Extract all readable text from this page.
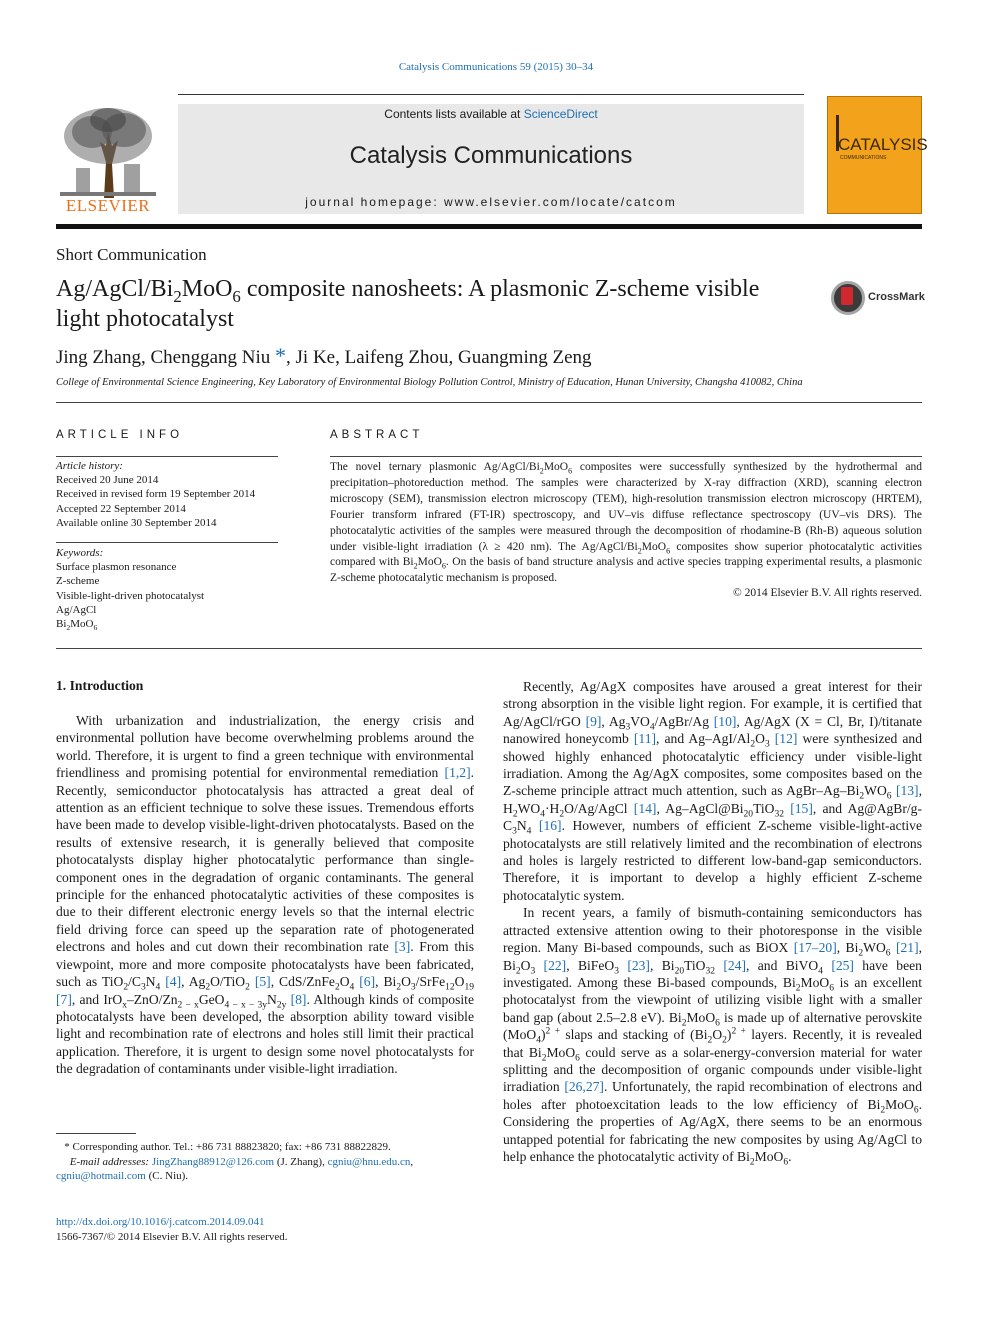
Catalysis Communications 59 (2015) 30–34
ELSEVIER
Contents lists available at ScienceDirect
Catalysis Communications
journal homepage: www.elsevier.com/locate/catcom
CATALYSIS
COMMUNICATIONS
Short Communication
$Ag/AgCl/Bi_2MoO_6$ composite nanosheets: A plasmonic Z-scheme visible light photocatalyst
CrossMark
Jing Zhang, Chenggang Niu *, Ji Ke, Laifeng Zhou, Guangming Zeng
College of Environmental Science Engineering, Key Laboratory of Environmental Biology Pollution Control, Ministry of Education, Hunan University, Changsha 410082, China
ARTICLE INFO
Article history:
Received 20 June 2014
Received in revised form 19 September 2014
Accepted 22 September 2014
Available online 30 September 2014
Keywords:
Surface plasmon resonance
Z-scheme
Visible-light-driven photocatalyst
Ag/AgCl
$Bi_2MoO_6$
ABSTRACT
The novel ternary plasmonic $Ag/AgCl/Bi_2MoO_6$ composites were successfully synthesized by the hydrothermal and precipitation–photoreduction method. The samples were characterized by X-ray diffraction (XRD), scanning electron microscopy (SEM), transmission electron microscopy (TEM), high-resolution transmission electron microscopy (HRTEM), Fourier transform infrared (FT-IR) spectroscopy, and UV–vis diffuse reflectance spectroscopy (UV–vis DRS). The photocatalytic activities of the samples were measured through the decomposition of rhodamine-B (Rh-B) aqueous solution under visible-light irradiation (λ ≥ 420 nm). The $Ag/AgCl/Bi_2MoO_6$ composites show superior photocatalytic activities compared with $Bi_2MoO_6$. On the basis of band structure analysis and active species trapping experimental results, a plasmonic Z-scheme photocatalytic mechanism is proposed.
© 2014 Elsevier B.V. All rights reserved.
1. Introduction

With urbanization and industrialization, the energy crisis and environmental pollution have become overwhelming problems around the world. Therefore, it is urgent to find a green technique with environmental friendliness and promising potential for environmental remediation [1,2]. Recently, semiconductor photocatalysis has attracted a great deal of attention as an efficient technique to solve these issues. Tremendous efforts have been made to develop visible-light-driven photocatalysts. Based on the results of extensive research, it is generally believed that composite photocatalysts display higher photocatalytic performance than single-component ones in the degradation of organic contaminants. The general principle for the enhanced photocatalytic activities of these composites is due to their different electronic energy levels so that the internal electric field driving force can speed up the separation rate of photogenerated electrons and holes and cut down their recombination rate [3]. From this viewpoint, more and more composite photocatalysts have been fabricated, such as $TiO_2/C_3N_4$ [4], $Ag_2O/TiO_2$ [5], CdS/$ZnFe_2O_4$ [6], $Bi_2O_3/SrFe_{12}O_{19}$ [7], and $IrO_x-ZnO/Zn_{2 - x}GeO_{4 - x - 3y}N_{2y}$ [8]. Although kinds of composite photocatalysts have been developed, the absorption ability toward visible light and recombination rate of electrons and holes still limit their practical application. Therefore, it is urgent to design some novel photocatalysts for the degradation of contaminants under visible-light irradiation.

Recently, Ag/AgX composites have aroused a great interest for their strong absorption in the visible light region. For example, it is certified that Ag/AgCl/rGO [9], $Ag_3VO_4/AgBr/Ag$ [10], Ag/AgX (X = Cl, Br, I)/titanate nanowired honeycomb [11], and $Ag-AgI/Al_2O_3$ [12] were synthesized and showed highly enhanced photocatalytic efficiency under visible-light irradiation. Among the Ag/AgX composites, some composites based on the Z-scheme principle attract much attention, such as AgBr–$Ag-Bi_2WO_6$ [13], $H_2WO_4\cdot H_2O/Ag$/AgCl [14], $Ag-AgCl@Bi_{20}TiO_{32}$ [15], and $Ag@AgBr/g-C_3N_4$ [16]. However, numbers of efficient Z-scheme visible-light-active photocatalysts are still relatively limited and the recombination of electrons and holes is largely restricted to different low-band-gap semiconductors. Therefore, it is important to develop a highly efficient Z-scheme photocatalytic system.

In recent years, a family of bismuth-containing semiconductors has attracted extensive attention owing to their photoresponse in the visible region. Many Bi-based compounds, such as BiOX [17–20], $Bi_2WO_6$ [21], $Bi_2O_3$ [22], BiFeO$_3$ [23], $Bi_{20}TiO_{32}$ [24], and BiVO$_4$ [25] have been investigated. Among these Bi-based compounds, $Bi_2MoO_6$ is an excellent photocatalyst from the viewpoint of utilizing visible light with a smaller band gap (about 2.5–2.8 eV). $Bi_2MoO_6$ is made up of alternative perovskite $(MoO_4)^{2 +}$ slaps and stacking of $(Bi_2O_2)^{2 +}$ layers. Recently, it is revealed that $Bi_2MoO_6$ could serve as a solar-energy-conversion material for water splitting and the decomposition of organic compounds under visible-light irradiation [26,27]. Unfortunately, the rapid recombination of electrons and holes after photoexcitation leads to the low efficiency of $Bi_2MoO_6$. Considering the properties of Ag/AgX, there seems to be an enormous untapped potential for fabricating the new composites by using Ag/AgCl to help enhance the photocatalytic activity of $Bi_2MoO_6$.

* Corresponding author. Tel.: +86 731 88823820; fax: +86 731 88822829.
E-mail addresses: JingZhang88912@126.com (J. Zhang), cgniu@hnu.edu.cn,
cgniu@hotmail.com (C. Niu).
http://dx.doi.org/10.1016/j.catcom.2014.09.041
1566-7367/© 2014 Elsevier B.V. All rights reserved.
